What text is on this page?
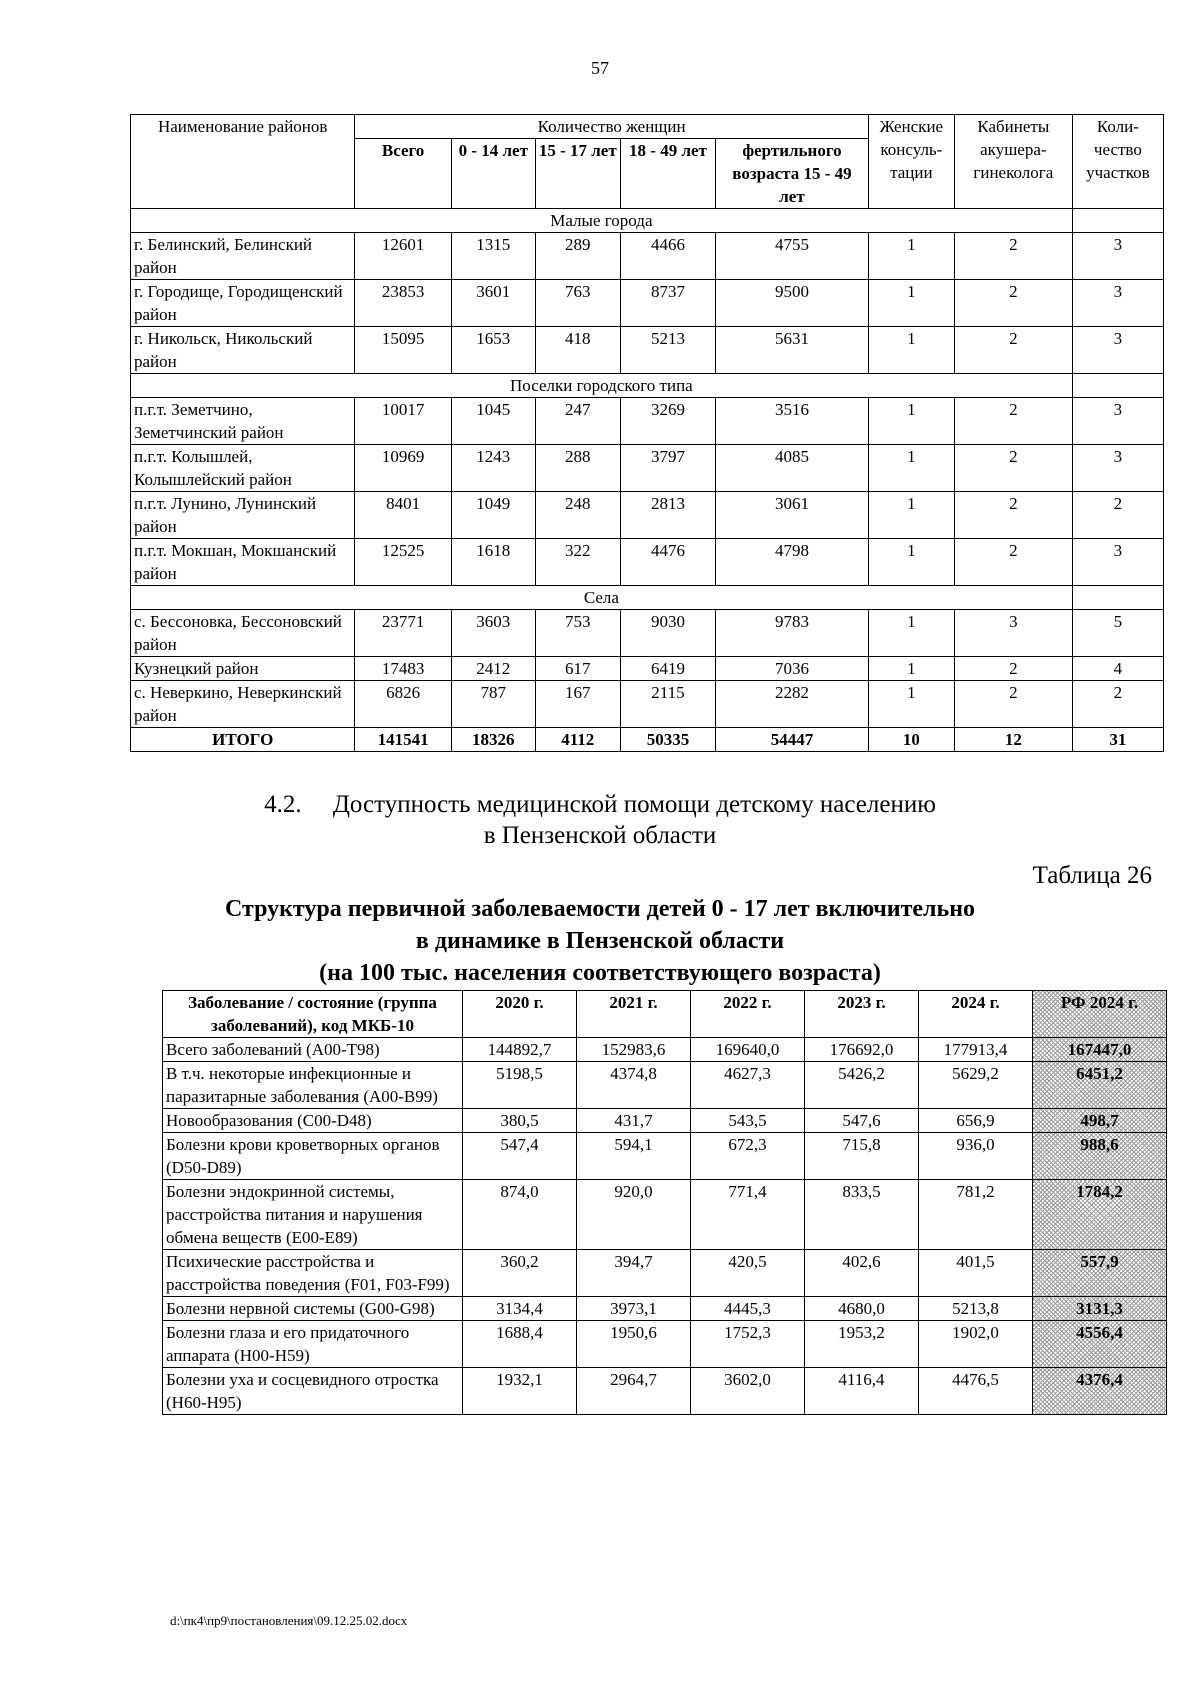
57
Наименование районов	Количество женщин					Женские консуль- тации	Кабинеты акушера- гинеколога	Коли- чество участков
	Всего	0 - 14 лет	15 - 17 лет	18 - 49 лет	фертильного возраста 15 - 49 лет			
Малые города								
г. Белинский, Белинский район	12601	1315	289	4466	4755	1	2	3
г. Городище, Городищенский район	23853	3601	763	8737	9500	1	2	3
г. Никольск, Никольский район	15095	1653	418	5213	5631	1	2	3
Поселки городского типа								
п.г.т. Земетчино, Земетчинский район	10017	1045	247	3269	3516	1	2	3
п.г.т. Колышлей, Колышлейский район	10969	1243	288	3797	4085	1	2	3
п.г.т. Лунино, Лунинский район	8401	1049	248	2813	3061	1	2	2
п.г.т. Мокшан, Мокшанский район	12525	1618	322	4476	4798	1	2	3
Села								
с. Бессоновка, Бессоновский район	23771	3603	753	9030	9783	1	3	5
Кузнецкий район	17483	2412	617	6419	7036	1	2	4
с. Неверкино, Неверкинский район	6826	787	167	2115	2282	1	2	2
ИТОГО	141541	18326	4112	50335	54447	10	12	31
4.2. Доступность медицинской помощи детскому населению
в Пензенской области
Таблица 26
Структура первичной заболеваемости детей 0 - 17 лет включительно
в динамике в Пензенской области
(на 100 тыс. населения соответствующего возраста)
Заболевание / состояние (группа заболеваний), код МКБ-10	2020 г.	2021 г.	2022 г.	2023 г.	2024 г.	РФ 2024 г.
Всего заболеваний (A00-T98)	144892,7	152983,6	169640,0	176692,0	177913,4	167447,0
В т.ч. некоторые инфекционные и паразитарные заболевания (A00-B99)	5198,5	4374,8	4627,3	5426,2	5629,2	6451,2
Новообразования (C00-D48)	380,5	431,7	543,5	547,6	656,9	498,7
Болезни крови кроветворных органов (D50-D89)	547,4	594,1	672,3	715,8	936,0	988,6
Болезни эндокринной системы, расстройства питания и нарушения обмена веществ (E00-E89)	874,0	920,0	771,4	833,5	781,2	1784,2
Психические расстройства и расстройства поведения (F01, F03-F99)	360,2	394,7	420,5	402,6	401,5	557,9
Болезни нервной системы (G00-G98)	3134,4	3973,1	4445,3	4680,0	5213,8	3131,3
Болезни глаза и его придаточного аппарата (H00-H59)	1688,4	1950,6	1752,3	1953,2	1902,0	4556,4
Болезни уха и сосцевидного отростка (H60-H95)	1932,1	2964,7	3602,0	4116,4	4476,5	4376,4
d:\пк4\пр9\постановления\09.12.25.02.docx
